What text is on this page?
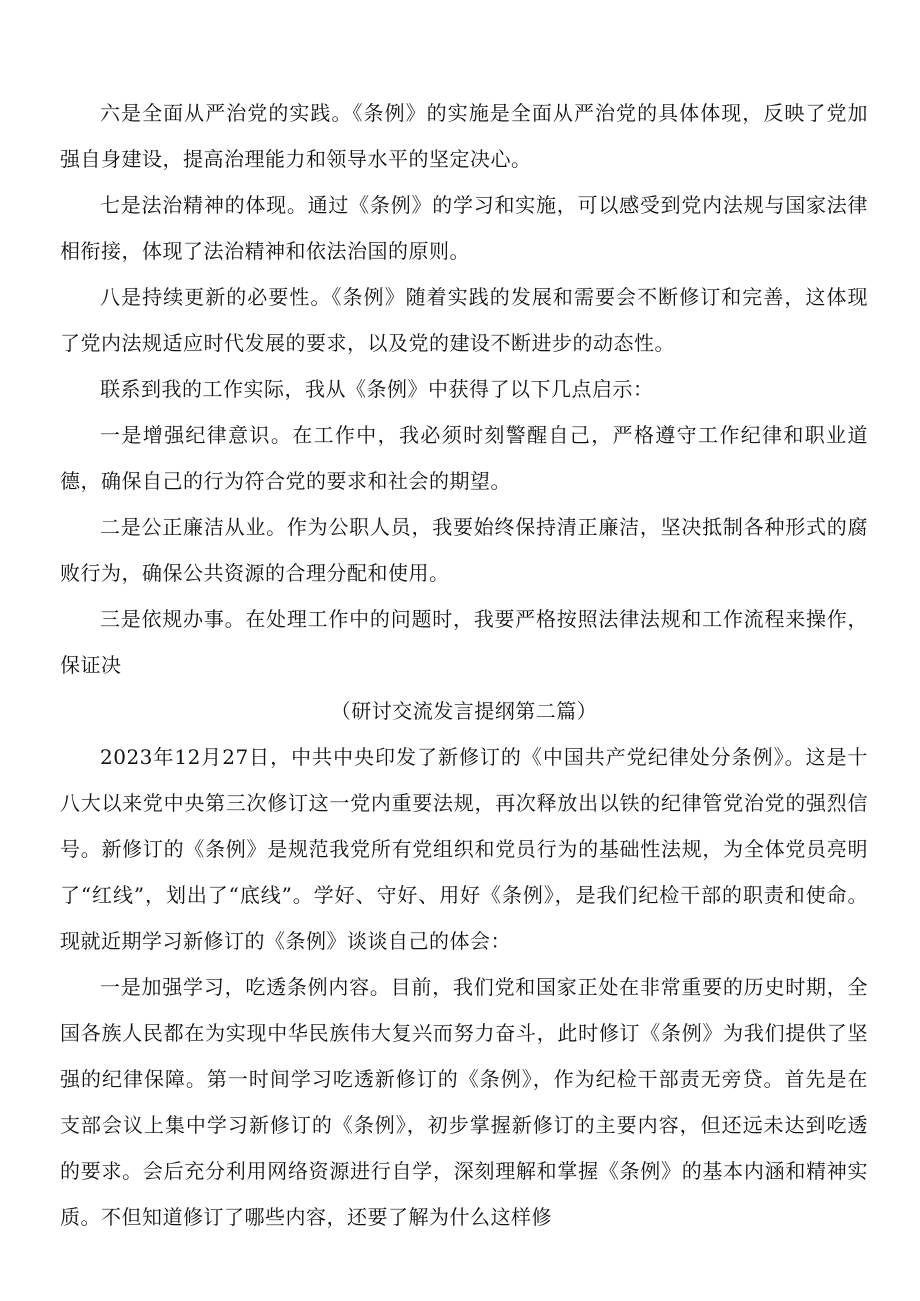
六是全面从严治党的实践。《条例》的实施是全面从严治党的具体体现，反映了党加强自身建设，提高治理能力和领导水平的坚定决心。

七是法治精神的体现。通过《条例》的学习和实施，可以感受到党内法规与国家法律相衔接，体现了法治精神和依法治国的原则。

八是持续更新的必要性。《条例》随着实践的发展和需要会不断修订和完善，这体现了党内法规适应时代发展的要求，以及党的建设不断进步的动态性。

联系到我的工作实际，我从《条例》中获得了以下几点启示：

一是增强纪律意识。在工作中，我必须时刻警醒自己，严格遵守工作纪律和职业道德，确保自己的行为符合党的要求和社会的期望。

二是公正廉洁从业。作为公职人员，我要始终保持清正廉洁，坚决抵制各种形式的腐败行为，确保公共资源的合理分配和使用。

三是依规办事。在处理工作中的问题时，我要严格按照法律法规和工作流程来操作，保证决

（研讨交流发言提纲第二篇）

2023年12月27日，中共中央印发了新修订的《中国共产党纪律处分条例》。这是十八大以来党中央第三次修订这一党内重要法规，再次释放出以铁的纪律管党治党的强烈信号。新修订的《条例》是规范我党所有党组织和党员行为的基础性法规，为全体党员亮明了“红线”，划出了“底线”。学好、守好、用好《条例》，是我们纪检干部的职责和使命。现就近期学习新修订的《条例》谈谈自己的体会：

一是加强学习，吃透条例内容。目前，我们党和国家正处在非常重要的历史时期，全国各族人民都在为实现中华民族伟大复兴而努力奋斗，此时修订《条例》为我们提供了坚强的纪律保障。第一时间学习吃透新修订的《条例》，作为纪检干部责无旁贷。首先是在支部会议上集中学习新修订的《条例》，初步掌握新修订的主要内容，但还远未达到吃透的要求。会后充分利用网络资源进行自学，深刻理解和掌握《条例》的基本内涵和精神实质。不但知道修订了哪些内容，还要了解为什么这样修
